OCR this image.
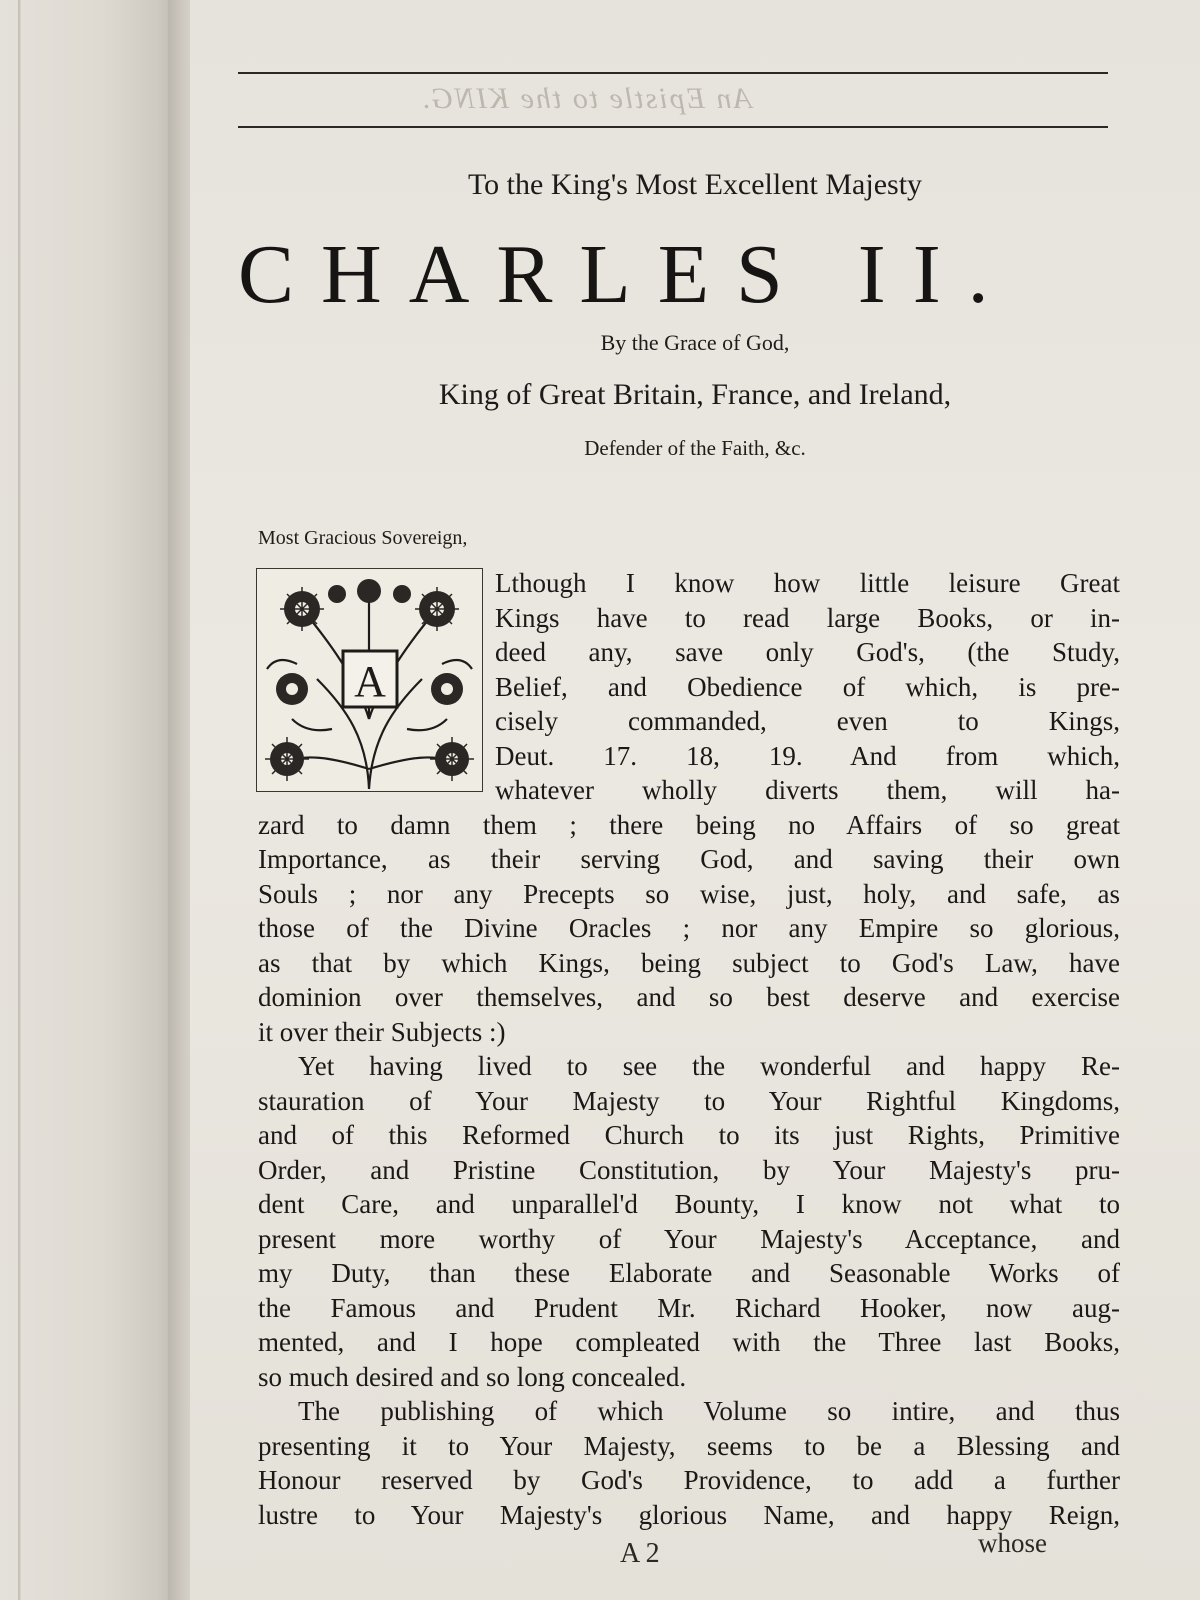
An Epistle to the KING.
To the King's Most Excellent Majesty
CHARLES II.
By the Grace of God,
King of Great Britain, France, and Ireland,
Defender of the Faith, &c.
Most Gracious Sovereign,
A
Lthough I know how little leisure Great
Kings have to read large Books, or in-
deed any, save only God's, (the Study,
Belief, and Obedience of which, is pre-
cisely commanded, even to Kings,
Deut. 17. 18, 19. And from which,
whatever wholly diverts them, will ha-
zard to damn them ; there being no Affairs of so great
Importance, as their serving God, and saving their own
Souls ; nor any Precepts so wise, just, holy, and safe, as
those of the Divine Oracles ; nor any Empire so glorious,
as that by which Kings, being subject to God's Law, have
dominion over themselves, and so best deserve and exercise
it over their Subjects :)
Yet having lived to see the wonderful and happy Re-
stauration of Your Majesty to Your Rightful Kingdoms,
and of this Reformed Church to its just Rights, Primitive
Order, and Pristine Constitution, by Your Majesty's pru-
dent Care, and unparallel'd Bounty, I know not what to
present more worthy of Your Majesty's Acceptance, and
my Duty, than these Elaborate and Seasonable Works of
the Famous and Prudent Mr. Richard Hooker, now aug-
mented, and I hope compleated with the Three last Books,
so much desired and so long concealed.
The publishing of which Volume so intire, and thus
presenting it to Your Majesty, seems to be a Blessing and
Honour reserved by God's Providence, to add a further
lustre to Your Majesty's glorious Name, and happy Reign,
A 2	whose
